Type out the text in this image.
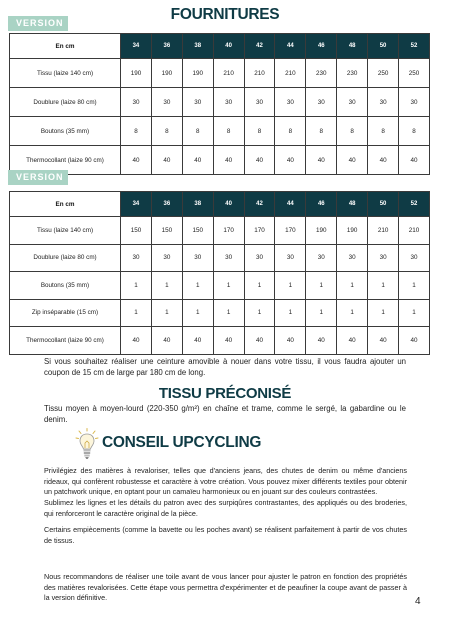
FOURNITURES
VERSION
En cm	34	36	38	40	42	44	46	48	50	52
Tissu (laize 140 cm)	190	190	190	210	210	210	230	230	250	250
Doublure (laize 80 cm)	30	30	30	30	30	30	30	30	30	30
Boutons (35 mm)	8	8	8	8	8	8	8	8	8	8
Thermocollant (laize 90 cm)	40	40	40	40	40	40	40	40	40	40
VERSION
En cm	34	36	38	40	42	44	46	48	50	52
Tissu (laize 140 cm)	150	150	150	170	170	170	190	190	210	210
Doublure (laize 80 cm)	30	30	30	30	30	30	30	30	30	30
Boutons (35 mm)	1	1	1	1	1	1	1	1	1	1
Zip inséparable (15 cm)	1	1	1	1	1	1	1	1	1	1
Thermocollant (laize 90 cm)	40	40	40	40	40	40	40	40	40	40

Si vous souhaitez réaliser une ceinture amovible à nouer dans votre tissu, il vous faudra ajouter un coupon de 15 cm de large par 180 cm de long.

TISSU PRÉCONISÉ

Tissu moyen à moyen-lourd (220-350 g/m²) en chaîne et trame, comme le sergé, la gabardine ou le denim.

CONSEIL UPCYCLING

Privilégiez des matières à revaloriser, telles que d'anciens jeans, des chutes de denim ou même d'anciens rideaux, qui confèrent robustesse et caractère à votre création. Vous pouvez mixer différents textiles pour obtenir un patchwork unique, en optant pour un camaïeu harmonieux ou en jouant sur des couleurs contrastées.

Sublimez les lignes et les détails du patron avec des surpiqûres contrastantes, des appliqués ou des broderies, qui renforceront le caractère original de la pièce.

Certains empiècements (comme la bavette ou les poches avant) se réalisent parfaitement à partir de vos chutes de tissus.

Nous recommandons de réaliser une toile avant de vous lancer pour ajuster le patron en fonction des propriétés des matières revalorisées. Cette étape vous permettra d'expérimenter et de peaufiner la coupe avant de passer à la version définitive.	4
